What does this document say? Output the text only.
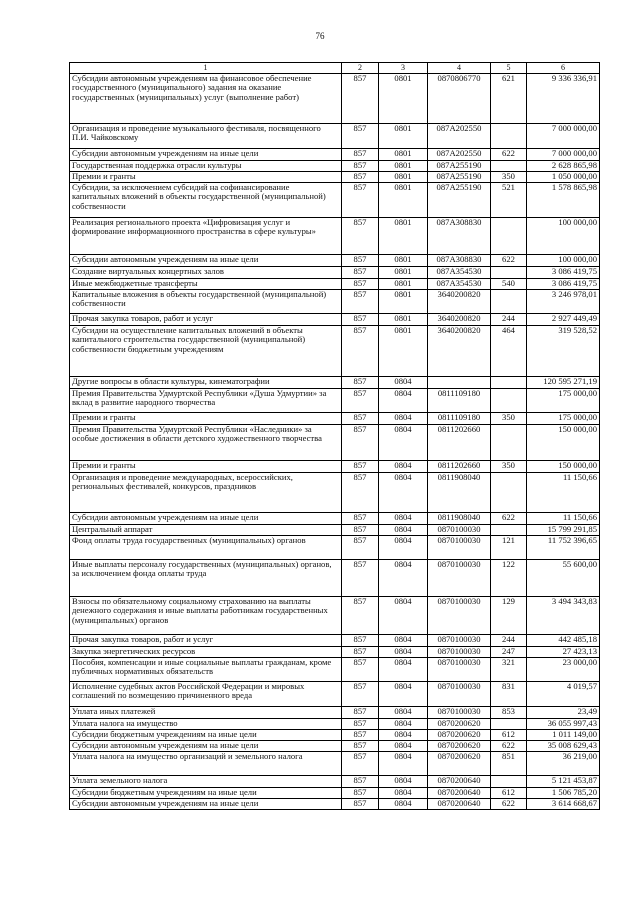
76
1	2	3	4	5	6
Субсидии автономным учреждениям на финансовое обеспечение государственного (муниципального) задания на оказание государственных (муниципальных) услуг (выполнение работ)	857	0801	0870806770	621	9 336 336,91
Организация и проведение музыкального фестиваля, посвященного П.И. Чайковскому	857	0801	087A202550		7 000 000,00
Субсидии автономным учреждениям на иные цели	857	0801	087A202550	622	7 000 000,00
Государственная поддержка отрасли культуры	857	0801	087A255190		2 628 865,98
Премии и гранты	857	0801	087A255190	350	1 050 000,00
Субсидии, за исключением субсидий на софинансирование капитальных вложений в объекты государственной (муниципальной) собственности	857	0801	087A255190	521	1 578 865,98
Реализация регионального проекта «Цифровизация услуг и формирование информационного пространства в сфере культуры»	857	0801	087A308830		100 000,00
Субсидии автономным учреждениям на иные цели	857	0801	087A308830	622	100 000,00
Создание виртуальных концертных залов	857	0801	087A354530		3 086 419,75
Иные межбюджетные трансферты	857	0801	087A354530	540	3 086 419,75
Капитальные вложения в объекты государственной (муниципальной) собственности	857	0801	3640200820		3 246 978,01
Прочая закупка товаров, работ и услуг	857	0801	3640200820	244	2 927 449,49
Субсидии на осуществление капитальных вложений в объекты капитального строительства государственной (муниципальной) собственности бюджетным учреждениям	857	0801	3640200820	464	319 528,52
Другие вопросы в области культуры, кинематографии	857	0804			120 595 271,19
Премия Правительства Удмуртской Республики «Душа Удмуртии» за вклад в развитие народного творчества	857	0804	0811109180		175 000,00
Премии и гранты	857	0804	0811109180	350	175 000,00
Премия Правительства Удмуртской Республики «Наследники» за особые достижения в области детского художественного творчества	857	0804	0811202660		150 000,00
Премии и гранты	857	0804	0811202660	350	150 000,00
Организация и проведение международных, всероссийских, региональных фестивалей, конкурсов, праздников	857	0804	0811908040		11 150,66
Субсидии автономным учреждениям на иные цели	857	0804	0811908040	622	11 150,66
Центральный аппарат	857	0804	0870100030		15 799 291,85
Фонд оплаты труда государственных (муниципальных) органов	857	0804	0870100030	121	11 752 396,65
Иные выплаты персоналу государственных (муниципальных) органов, за исключением фонда оплаты труда	857	0804	0870100030	122	55 600,00
Взносы по обязательному социальному страхованию на выплаты денежного содержания и иные выплаты работникам государственных (муниципальных) органов	857	0804	0870100030	129	3 494 343,83
Прочая закупка товаров, работ и услуг	857	0804	0870100030	244	442 485,18
Закупка энергетических ресурсов	857	0804	0870100030	247	27 423,13
Пособия, компенсации и иные социальные выплаты гражданам, кроме публичных нормативных обязательств	857	0804	0870100030	321	23 000,00
Исполнение судебных актов Российской Федерации и мировых соглашений по возмещению причиненного вреда	857	0804	0870100030	831	4 019,57
Уплата иных платежей	857	0804	0870100030	853	23,49
Уплата налога на имущество	857	0804	0870200620		36 055 997,43
Субсидии бюджетным учреждениям на иные цели	857	0804	0870200620	612	1 011 149,00
Субсидии автономным учреждениям на иные цели	857	0804	0870200620	622	35 008 629,43
Уплата налога на имущество организаций и земельного налога	857	0804	0870200620	851	36 219,00
Уплата земельного налога	857	0804	0870200640		5 121 453,87
Субсидии бюджетным учреждениям на иные цели	857	0804	0870200640	612	1 506 785,20
Субсидии автономным учреждениям на иные цели	857	0804	0870200640	622	3 614 668,67
